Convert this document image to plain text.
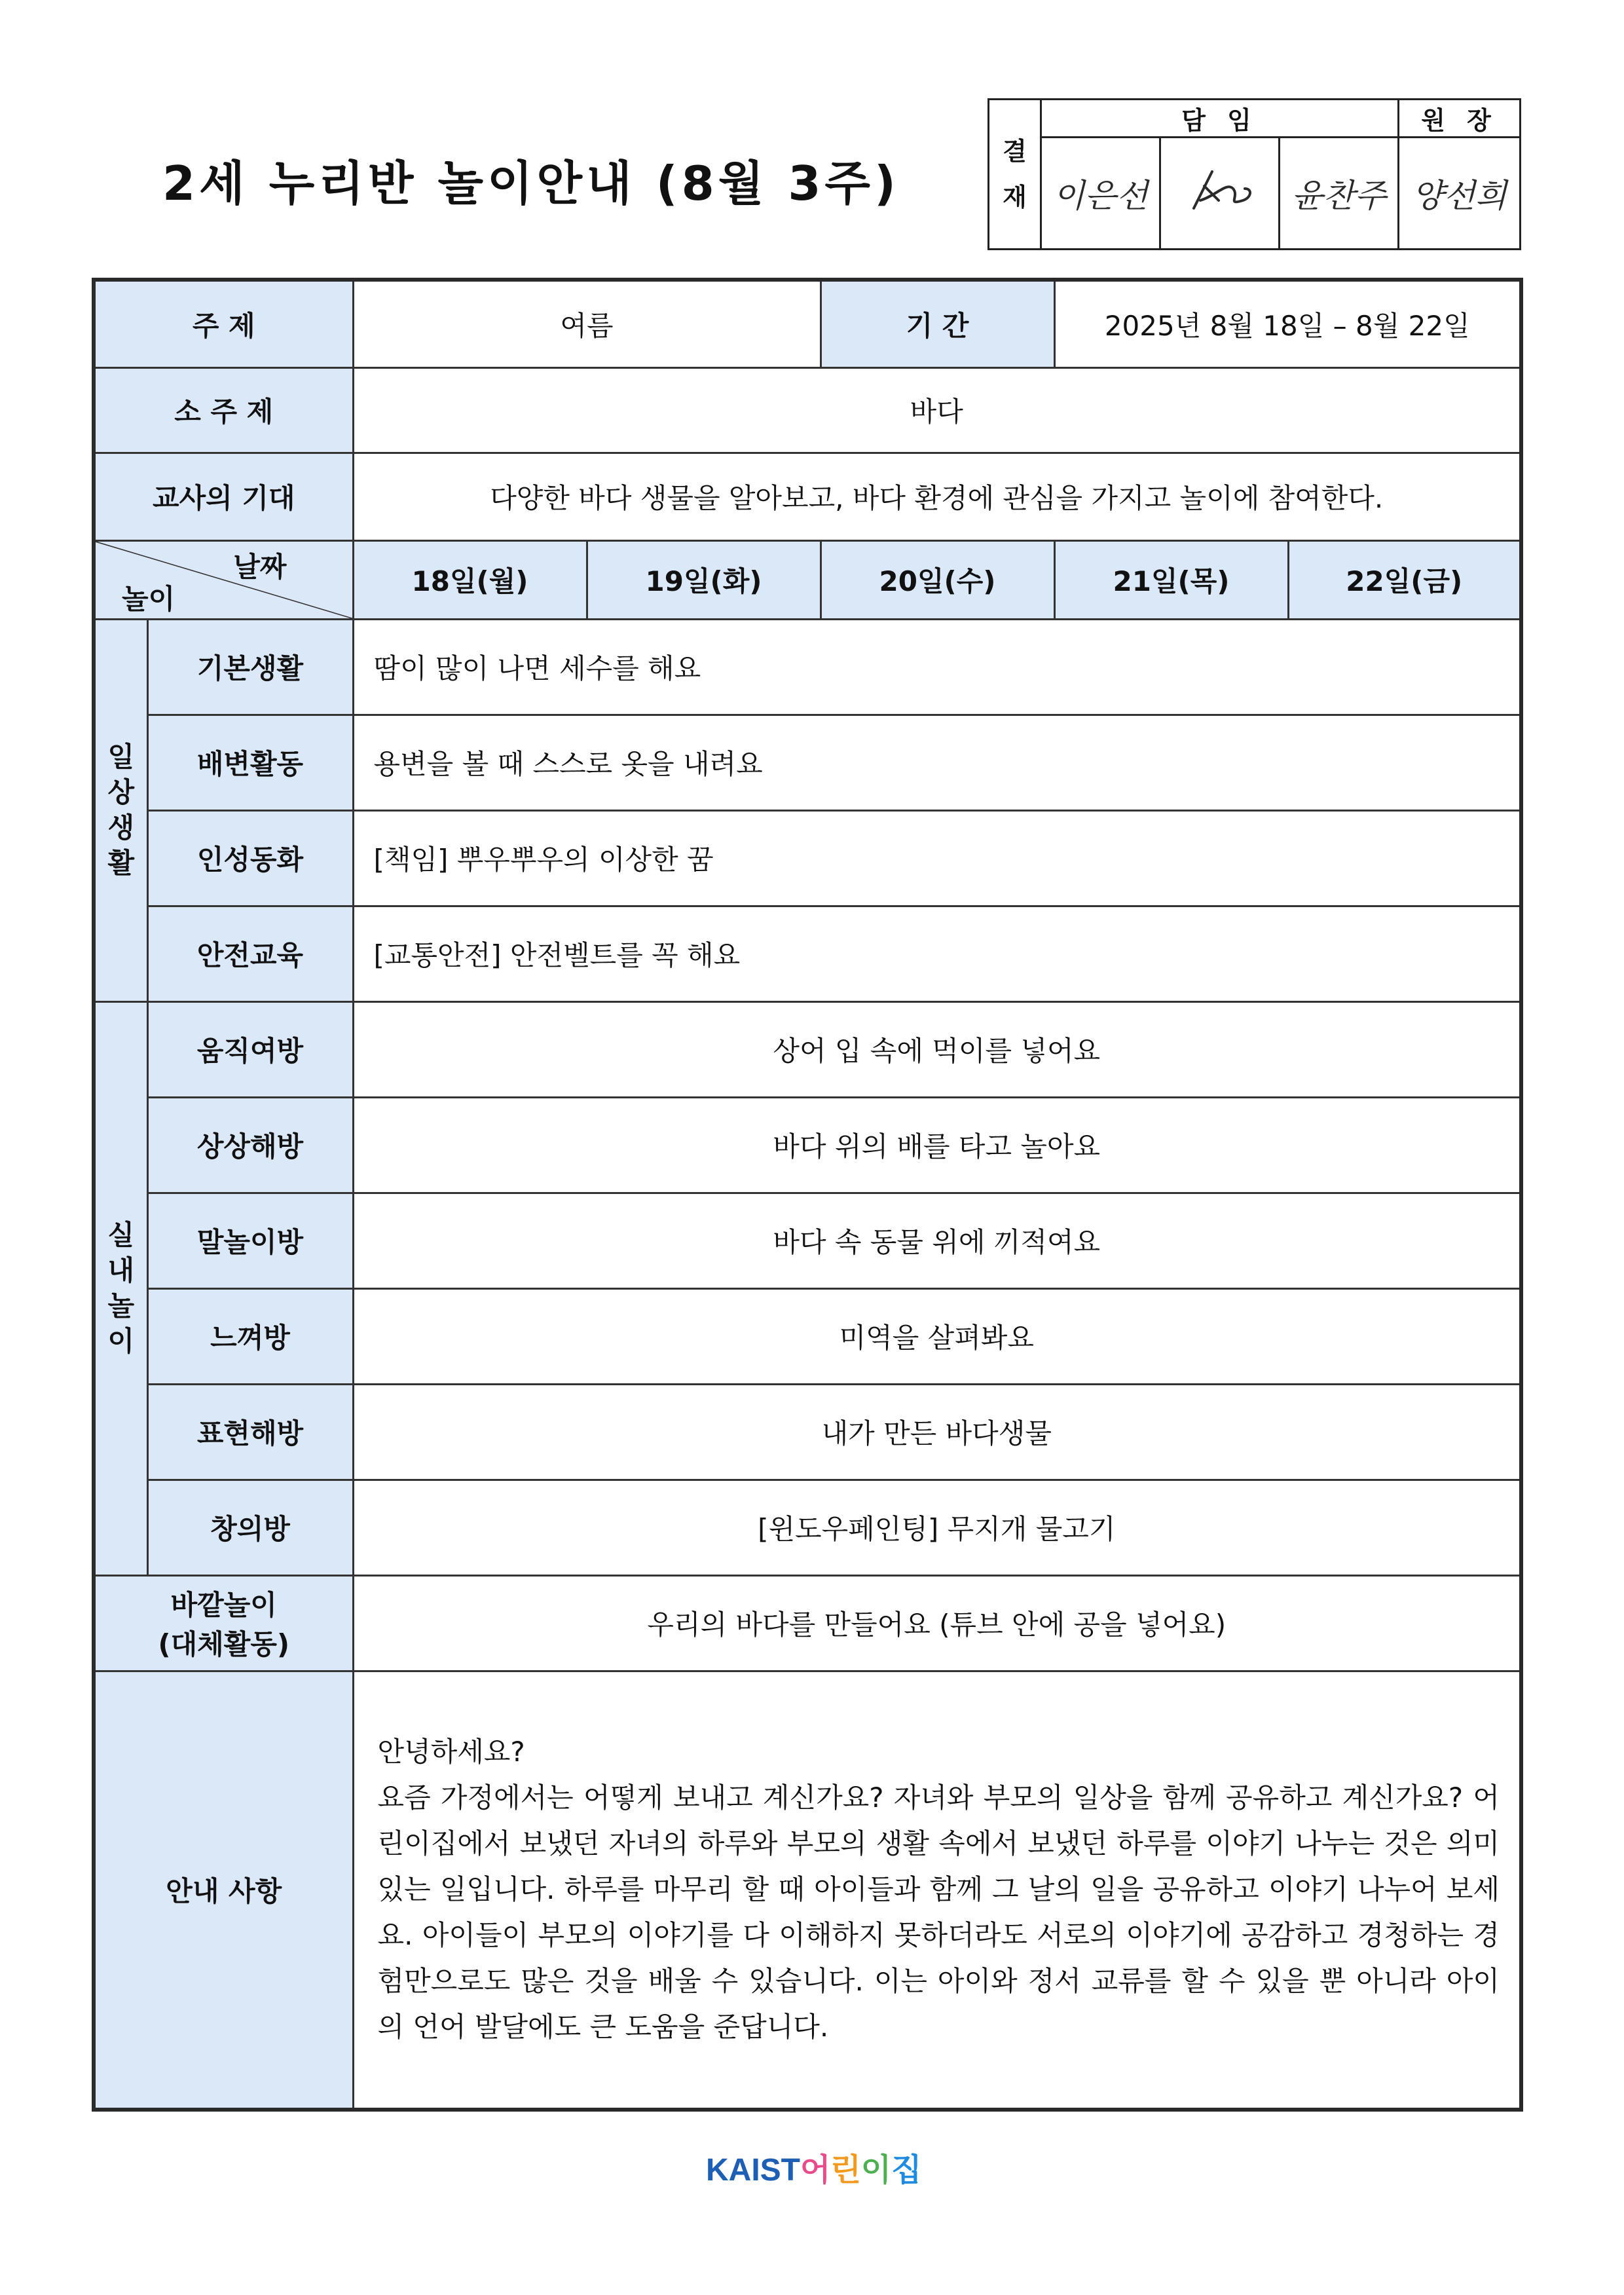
2세 누리반 놀이안내 (8월 3주)
결
재	담 임			원 장
	이은선		윤찬주	양선희
주 제		여름		기 간	2025년 8월 18일 – 8월 22일	
소 주 제		바다				
교사의 기대		다양한 바다 생물을 알아보고, 바다 환경에 관심을 가지고 놀이에 참여한다.				

날짜
놀이		18일(월)	19일(화)	20일(수)	21일(목)	22일(금)

일
상
생
활	기본생활	땀이 많이 나면 세수를 해요				
	배변활동	용변을 볼 때 스스로 옷을 내려요				
	인성동화	[책임] 뿌우뿌우의 이상한 꿈				
	안전교육	[교통안전] 안전벨트를 꼭 해요				

실
내
놀
이	움직여방	상어 입 속에 먹이를 넣어요				
	상상해방	바다 위의 배를 타고 놀아요				
	말놀이방	바다 속 동물 위에 끼적여요				
	느껴방	미역을 살펴봐요				
	표현해방	내가 만든 바다생물				
	창의방	[윈도우페인팅] 무지개 물고기				
바깥놀이
(대체활동)		우리의 바다를 만들어요 (튜브 안에 공을 넣어요)				
안내 사항		안녕하세요?

요즘 가정에서는 어떻게 보내고 계신가요? 자녀와 부모의 일상을 함께 공유하고 계신가요? 어린이집에서 보냈던 자녀의 하루와 부모의 생활 속에서 보냈던 하루를 이야기 나누는 것은 의미 있는 일입니다. 하루를 마무리 할 때 아이들과 함께 그 날의 일을 공유하고 이야기 나누어 보세요. 아이들이 부모의 이야기를 다 이해하지 못하더라도 서로의 이야기에 공감하고 경청하는 경험만으로도 많은 것을 배울 수 있습니다. 이는 아이와 정서 교류를 할 수 있을 뿐 아니라 아이의 언어 발달에도 큰 도움을 준답니다.				

KAIST어린이집
